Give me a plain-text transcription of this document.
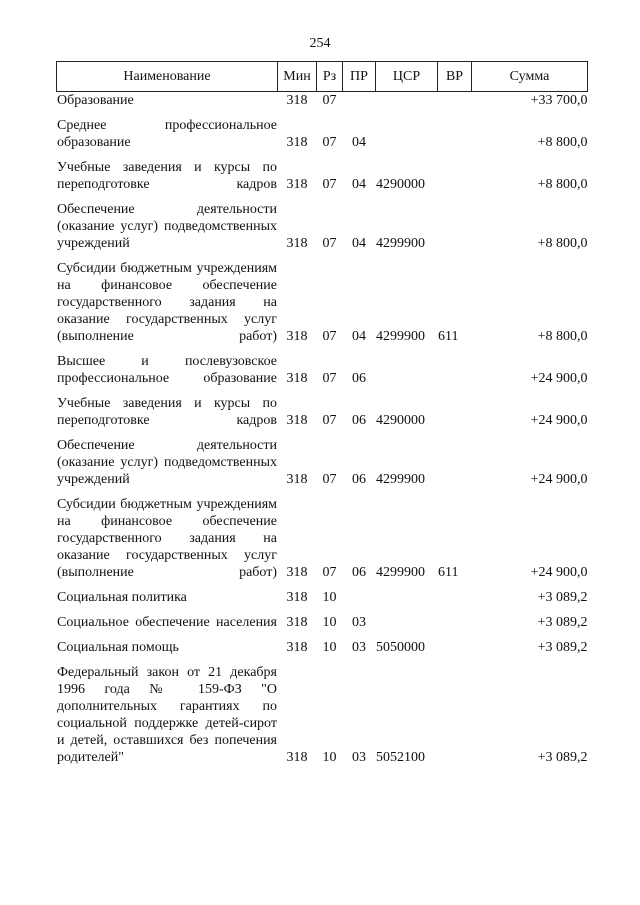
254
Наименование	Мин	Рз	ПР	ЦСР	ВР	Сумма

Образование	318	07				+33 700,0

Среднее профессиональное образование	318	07	04			+8 800,0

Учебные заведения и курсы по переподготовке кадров	318	07	04	4290000		+8 800,0

Обеспечение деятельности (оказание услуг) подведомственных учреждений	318	07	04	4299900		+8 800,0

Субсидии бюджетным учреждениям на финансовое обеспечение государственного задания на оказание государственных услуг (выполнение работ)	318	07	04	4299900	611	+8 800,0

Высшее и послевузовское профессиональное образование	318	07	06			+24 900,0

Учебные заведения и курсы по переподготовке кадров	318	07	06	4290000		+24 900,0

Обеспечение деятельности (оказание услуг) подведомственных учреждений	318	07	06	4299900		+24 900,0

Субсидии бюджетным учреждениям на финансовое обеспечение государственного задания на оказание государственных услуг (выполнение работ)	318	07	06	4299900	611	+24 900,0

Социальная политика	318	10				+3 089,2

Социальное обеспечение населения	318	10	03			+3 089,2

Социальная помощь	318	10	03	5050000		+3 089,2

Федеральный закон от 21 декабря 1996 года № 159-ФЗ "О дополнительных гарантиях по социальной поддержке детей-сирот и детей, оставшихся без попечения родителей"	318	10	03	5052100		+3 089,2
